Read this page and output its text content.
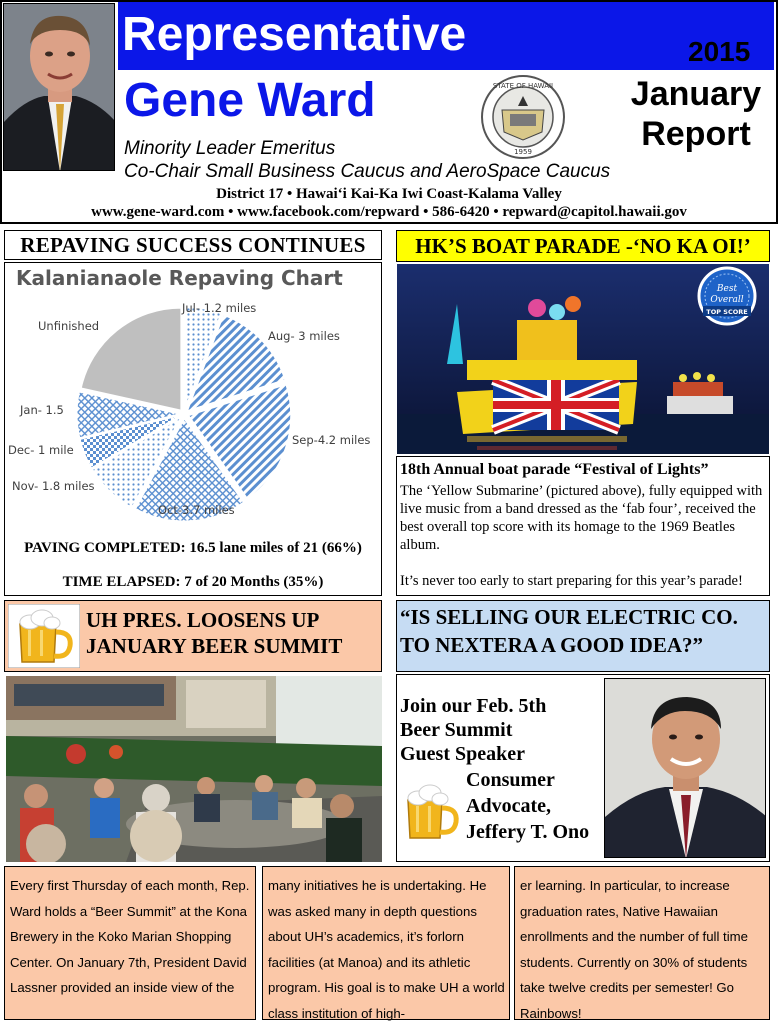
Representative	2015
Gene Ward	STATE OF HAWAII
1959
January
Report
Minority Leader Emeritus
Co-Chair Small Business Caucus and AeroSpace Caucus
District 17 • Hawai‘i Kai-Ka Iwi Coast-Kalama Valley
www.gene-ward.com • www.facebook.com/repward • 586-6420 • repward@capitol.hawaii.gov
REPAVING SUCCESS CONTINUES
Kalanianaole Repaving Chart
Jul- 1.2 miles
Aug- 3 miles
Sep-4.2 miles
Oct-3.7 miles
Nov- 1.8 miles
Dec- 1 mile
Jan- 1.5
Unfinished
PAVING COMPLETED: 16.5 lane miles of 21 (66%)
TIME ELAPSED: 7 of 20 Months (35%)
HK’S BOAT PARADE -‘NO KA OI!’
Best
Overall
TOP SCORE
18th Annual boat parade “Festival of Lights”
The ‘Yellow Submarine’ (pictured above), fully equipped with live music from a band dressed as the ‘fab four’, received the best overall top score with its homage to the 1969 Beatles album.
It’s never too early to start preparing for this year’s parade!
UH PRES. LOOSENS UP
JANUARY BEER SUMMIT
“IS SELLING OUR ELECTRIC CO.
TO NEXTERA A GOOD IDEA?”
Join our Feb. 5th
Beer Summit
Guest Speaker
Consumer
Advocate,
Jeffery T. Ono
Every first Thursday of each month, Rep. Ward holds a “Beer Summit” at the Kona Brewery in the Koko Marian Shopping Center. On January 7th, President David Lassner provided an inside view of the
many initiatives he is undertaking. He was asked many in depth questions about UH’s academics, it’s forlorn facilities (at Manoa) and its athletic program. His goal is to make UH a world class institution of high-
er learning. In particular, to increase graduation rates, Native Hawaiian enrollments and the number of full time students. Currently on 30% of students take twelve credits per semester! Go Rainbows!
